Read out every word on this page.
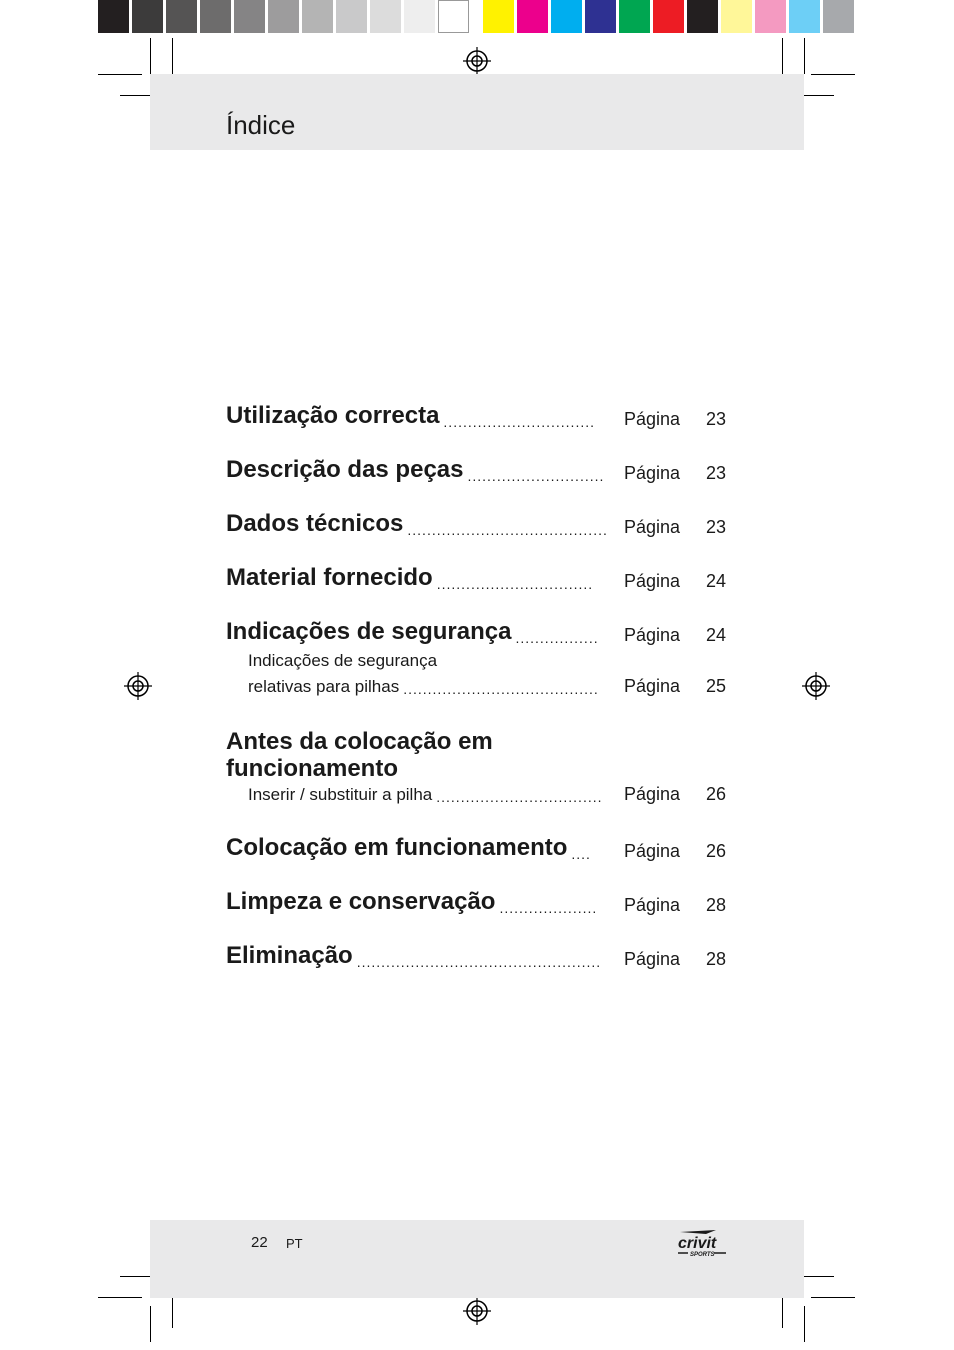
Índice
Utilização correcta ...............................	Página	23
Descrição das peças ............................	Página	23
Dados técnicos ......................................... Página	23
Material fornecido ................................	Página	24
Indicações de segurança .................	Página	24
Indicações de segurança
relativas para pilhas ........................................	Página	25
Antes da colocação em
funcionamento
Inserir / substituir a pilha ..................................	Página	26
Colocação em funcionamento ....	Página	26
Limpeza e conservação ....................	Página	28
Eliminação ..................................................	Página	28
22 PT	crivit
SPORTS
